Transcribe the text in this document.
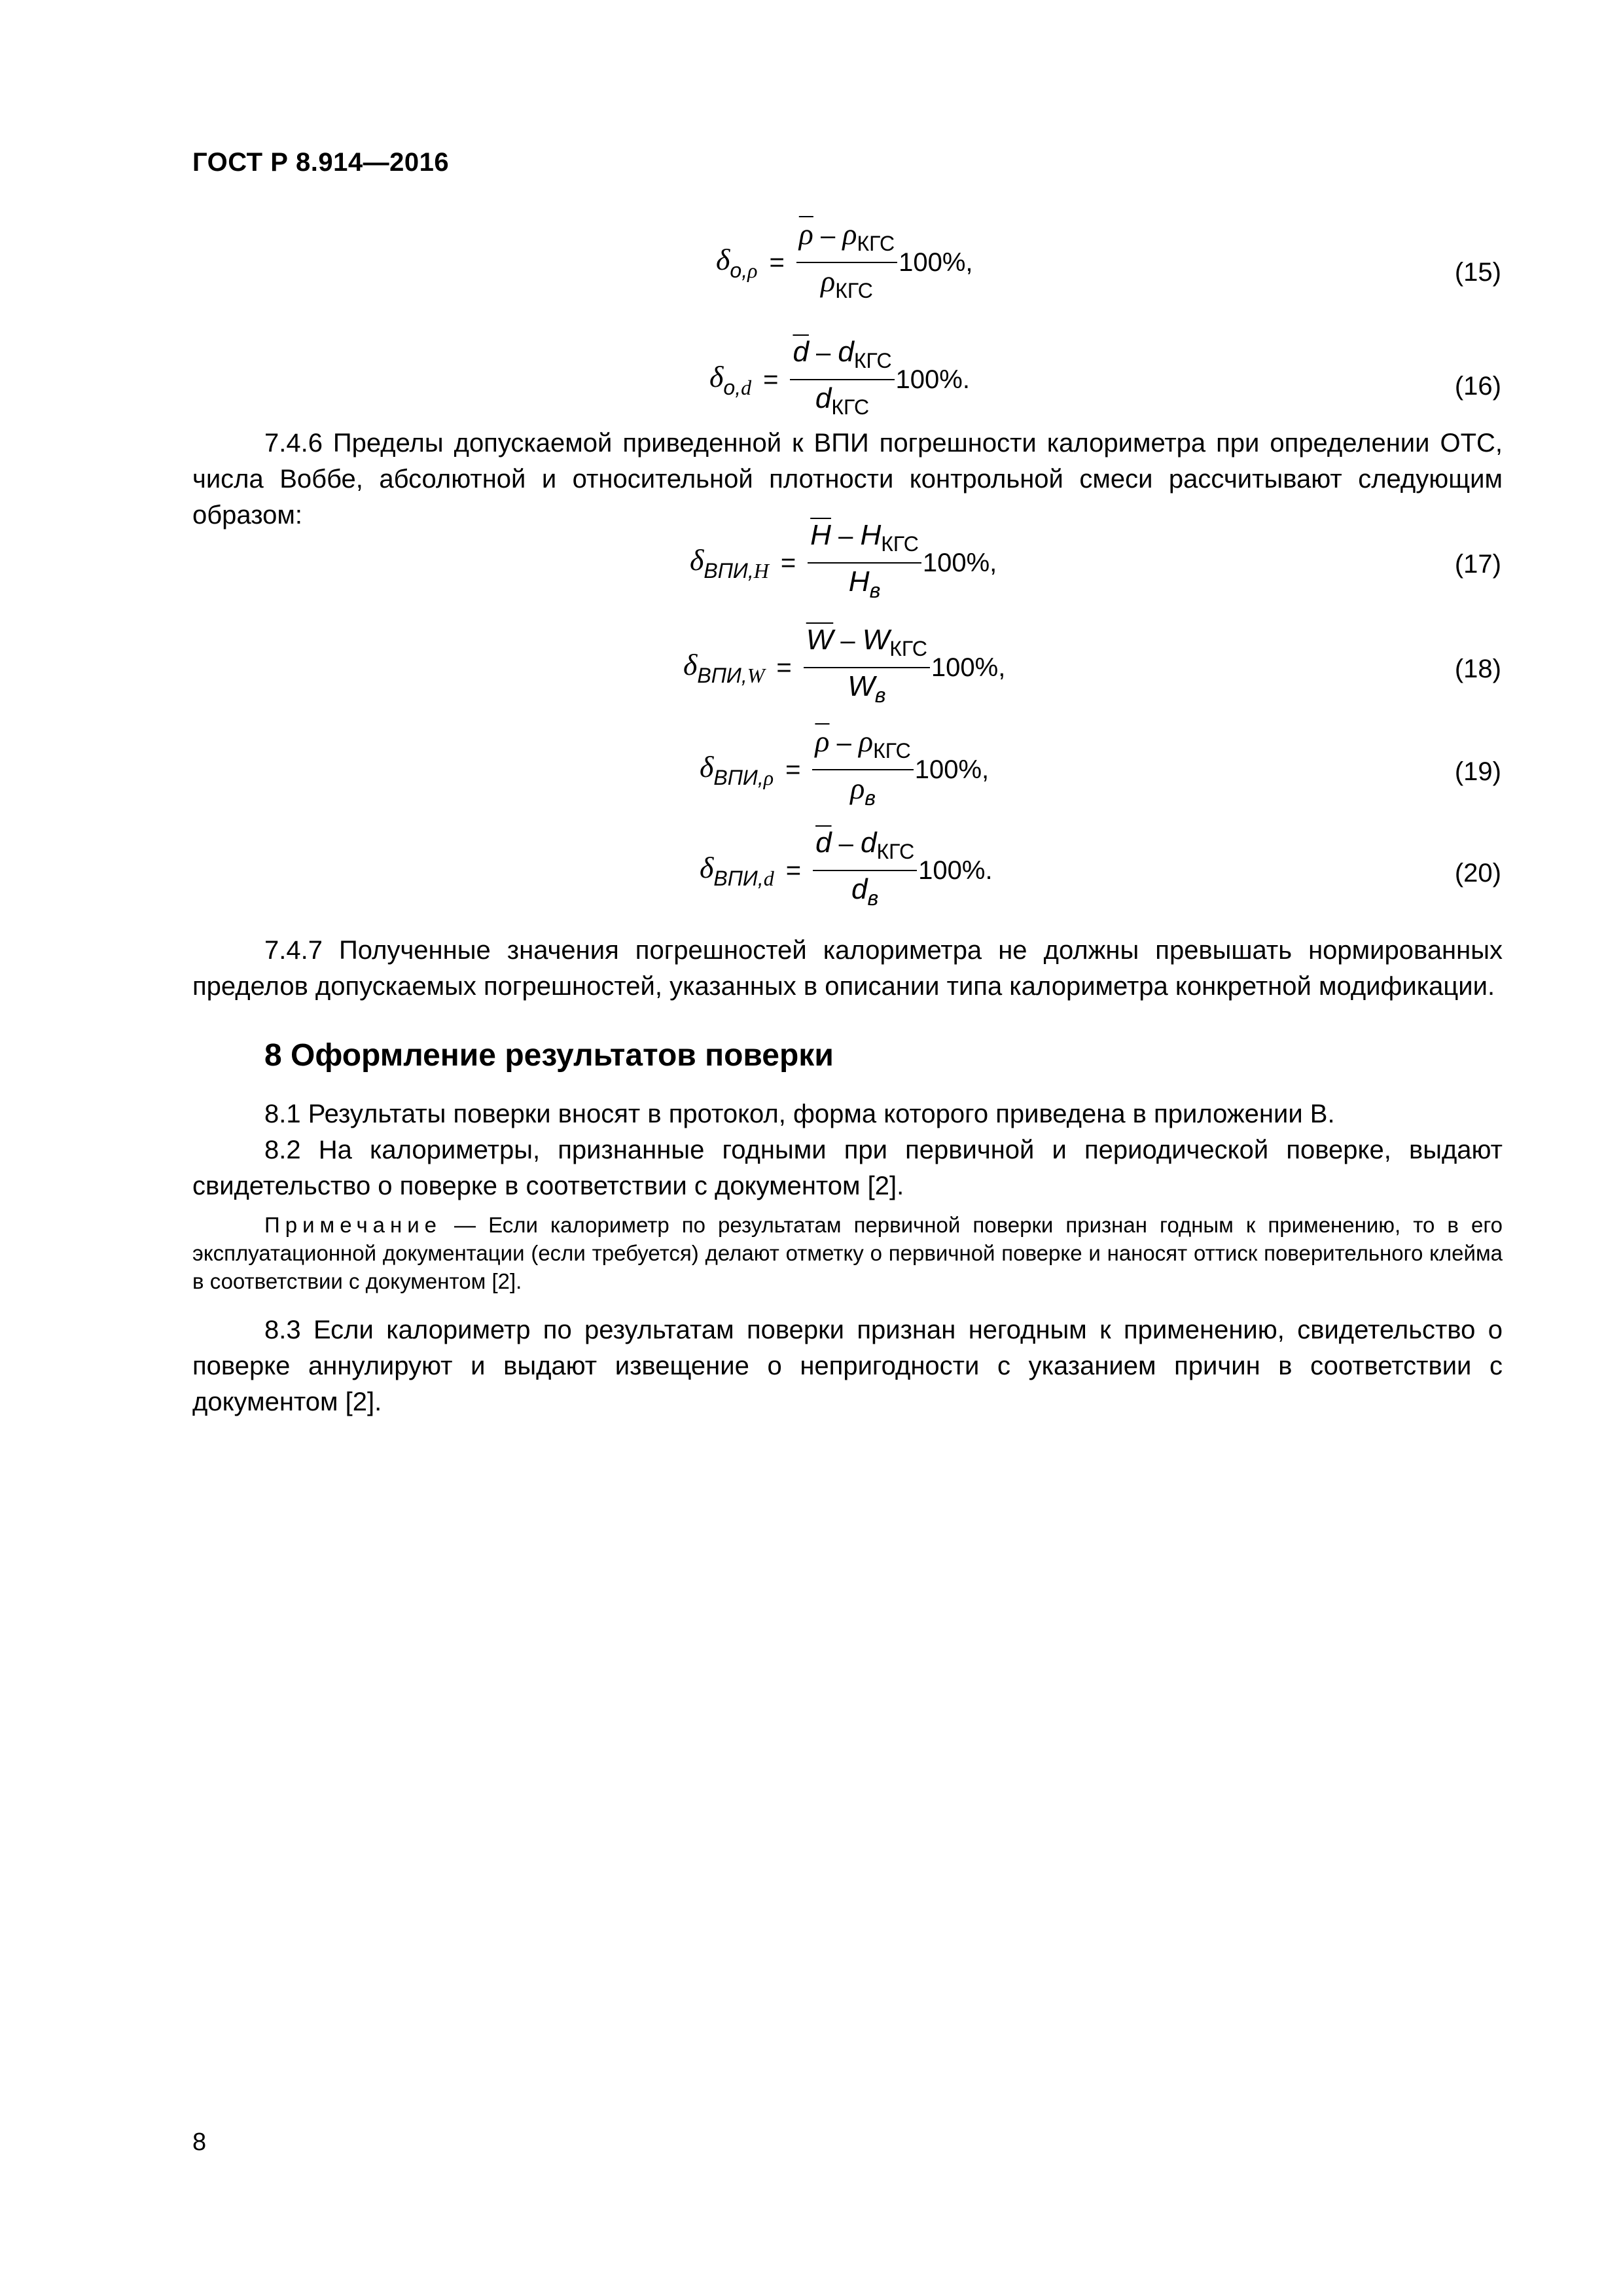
ГОСТ Р 8.914—2016
$\delta_{о,\rho} = \frac{\overline{\rho} - \rho_{КГС}}{\rho_{КГС}} 100\%$,	(15)
$\delta_{о,d} = \frac{\overline{d} - d_{КГС}}{d_{КГС}} 100\%$.	(16)
7.4.6 Пределы допускаемой приведенной к ВПИ погрешности калориметра при определении ОТС, числа Воббе, абсолютной и относительной плотности контрольной смеси рассчитывают следующим образом:
$\delta_{ВПИ,H} = \frac{\overline{H} - H_{КГС}}{H_в} 100\%$,	(17)
$\delta_{ВПИ,W} = \frac{\overline{W} - W_{КГС}}{W_в} 100\%$,	(18)
$\delta_{ВПИ,\rho} = \frac{\overline{\rho} - \rho_{КГС}}{\rho_в} 100\%$,	(19)
$\delta_{ВПИ,d} = \frac{\overline{d} - d_{КГС}}{d_в} 100\%$.	(20)
7.4.7 Полученные значения погрешностей калориметра не должны превышать нормированных пределов допускаемых погрешностей, указанных в описании типа калориметра конкретной модификации.
8 Оформление результатов поверки
8.1 Результаты поверки вносят в протокол, форма которого приведена в приложении В.
8.2 На калориметры, признанные годными при первичной и периодической поверке, выдают свидетельство о поверке в соответствии с документом [2].
Примечание — Если калориметр по результатам первичной поверки признан годным к применению, то в его эксплуатационной документации (если требуется) делают отметку о первичной поверке и наносят оттиск поверительного клейма в соответствии с документом [2].
8.3 Если калориметр по результатам поверки признан негодным к применению, свидетельство о поверке аннулируют и выдают извещение о непригодности с указанием причин в соответствии с документом [2].
8
